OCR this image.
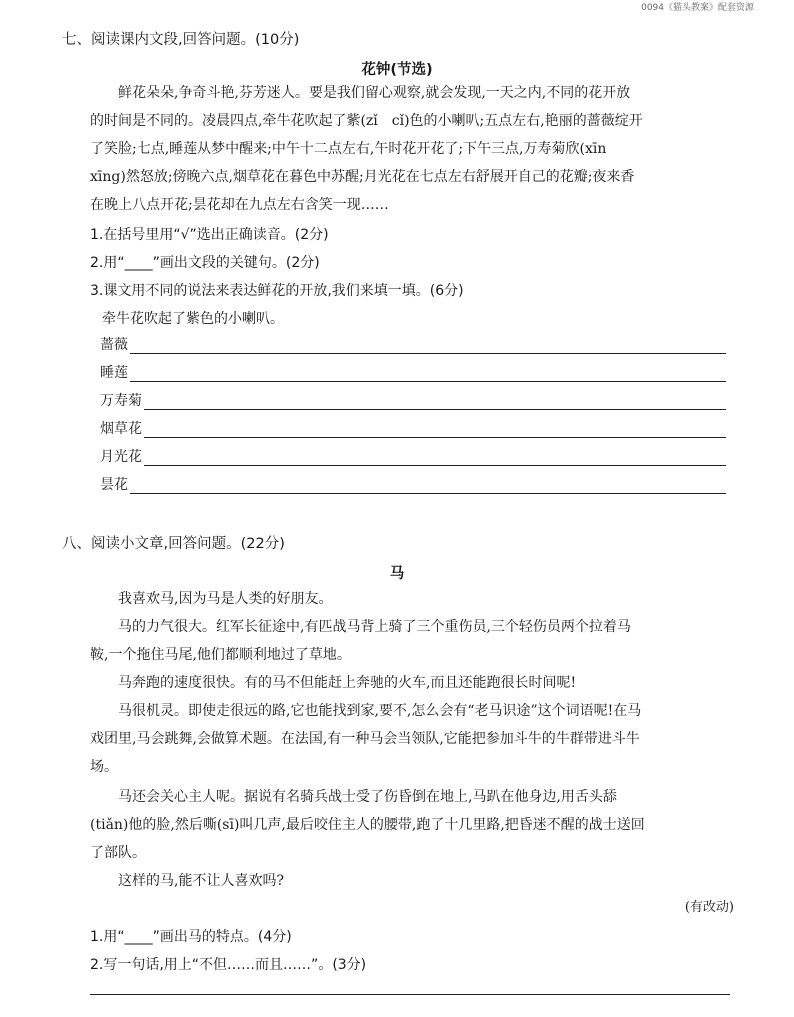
0094《猫头教案》配套资源
七、阅读课内文段,回答问题。(10分)
花钟(节选)
鲜花朵朵,争奇斗艳,芬芳迷人。要是我们留心观察,就会发现,一天之内,不同的花开放
的时间是不同的。凌晨四点,牵牛花吹起了紫(zǐ　cǐ)色的小喇叭;五点左右,艳丽的蔷薇绽开
了笑脸;七点,睡莲从梦中醒来;中午十二点左右,午时花开花了;下午三点,万寿菊欣(xīn
xīng)然怒放;傍晚六点,烟草花在暮色中苏醒;月光花在七点左右舒展开自己的花瓣;夜来香
在晚上八点开花;昙花却在九点左右含笑一现……
1.在括号里用“√”选出正确读音。(2分)
2.用“____”画出文段的关键句。(2分)
3.课文用不同的说法来表达鲜花的开放,我们来填一填。(6分)
牵牛花吹起了紫色的小喇叭。
蔷薇
睡莲
万寿菊
烟草花
月光花
昙花
八、阅读小文章,回答问题。(22分)
马
我喜欢马,因为马是人类的好朋友。
马的力气很大。红军长征途中,有匹战马背上骑了三个重伤员,三个轻伤员两个拉着马
鞍,一个拖住马尾,他们都顺利地过了草地。
马奔跑的速度很快。有的马不但能赶上奔驰的火车,而且还能跑很长时间呢!
马很机灵。即使走很远的路,它也能找到家,要不,怎么会有“老马识途”这个词语呢!在马
戏团里,马会跳舞,会做算术题。在法国,有一种马会当领队,它能把参加斗牛的牛群带进斗牛
场。
马还会关心主人呢。据说有名骑兵战士受了伤昏倒在地上,马趴在他身边,用舌头舔
(tiǎn)他的脸,然后嘶(sī)叫几声,最后咬住主人的腰带,跑了十几里路,把昏迷不醒的战士送回
了部队。
这样的马,能不让人喜欢吗?
(有改动)
1.用“____”画出马的特点。(4分)
2.写一句话,用上“不但……而且……”。(3分)
